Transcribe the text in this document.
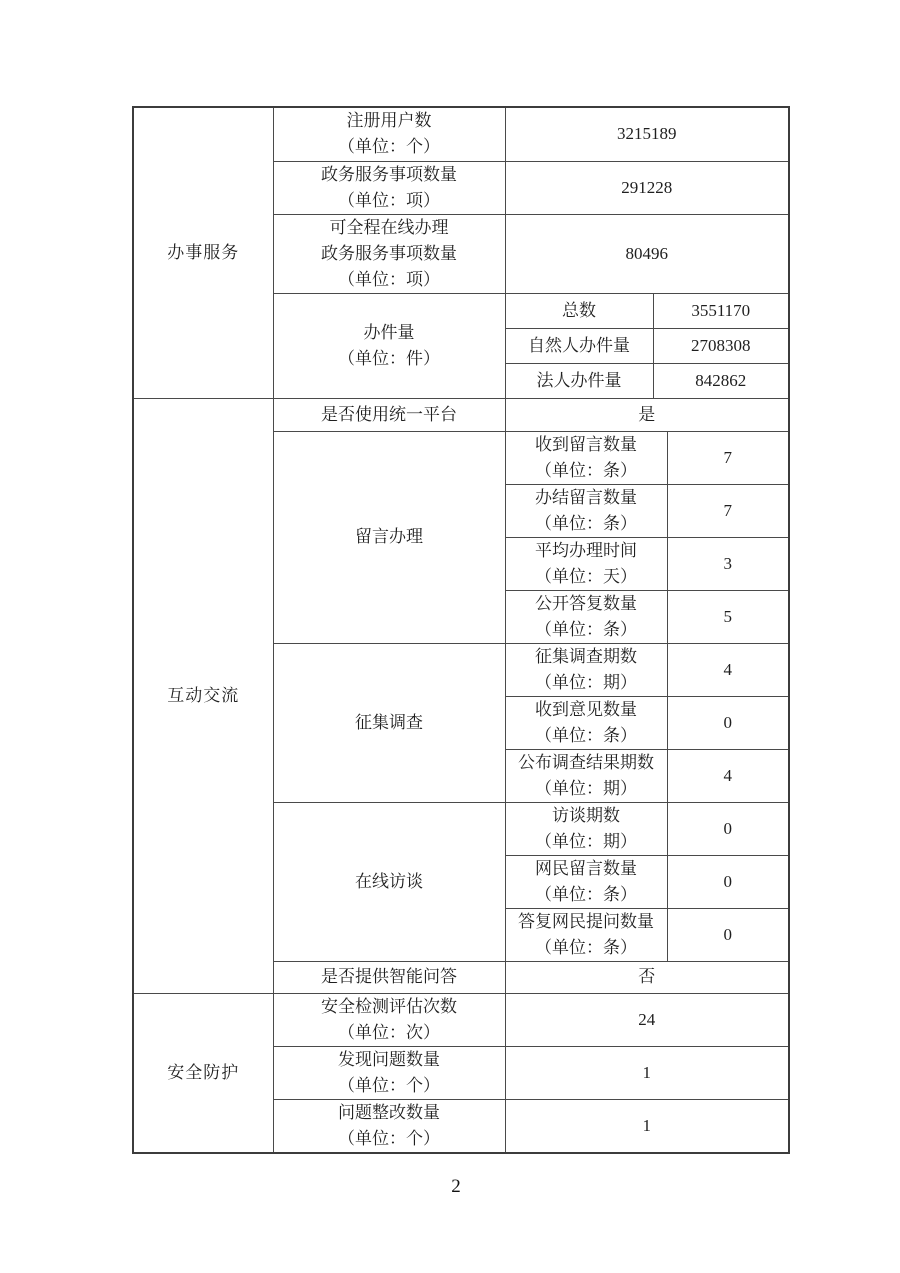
办事服务	注册用户数
（单位：个）	3215189		

	政务服务事项数量
（单位：项）	291228		

	可全程在线办理
政务服务事项数量
（单位：项）	80496		

	办件量
（单位：件）	总数	3551170	
		自然人办件量	2708308	
		法人办件量	842862	
互动交流	是否使用统一平台	是		
	留言办理	收到留言数量
（单位：条）		7

		办结留言数量
（单位：条）		7

		平均办理时间
（单位：天）		3

		公开答复数量
（单位：条）		5
	征集调查	征集调查期数
（单位：期）		4

		收到意见数量
（单位：条）		0

		公布调查结果期数
（单位：期）		4
	在线访谈	访谈期数
（单位：期）		0

		网民留言数量
（单位：条）		0

		答复网民提问数量
（单位：条）		0
	是否提供智能问答	否		
安全防护	安全检测评估次数
（单位：次）	24		

	发现问题数量
（单位：个）	1		

	问题整改数量
（单位：个）	1		
2
